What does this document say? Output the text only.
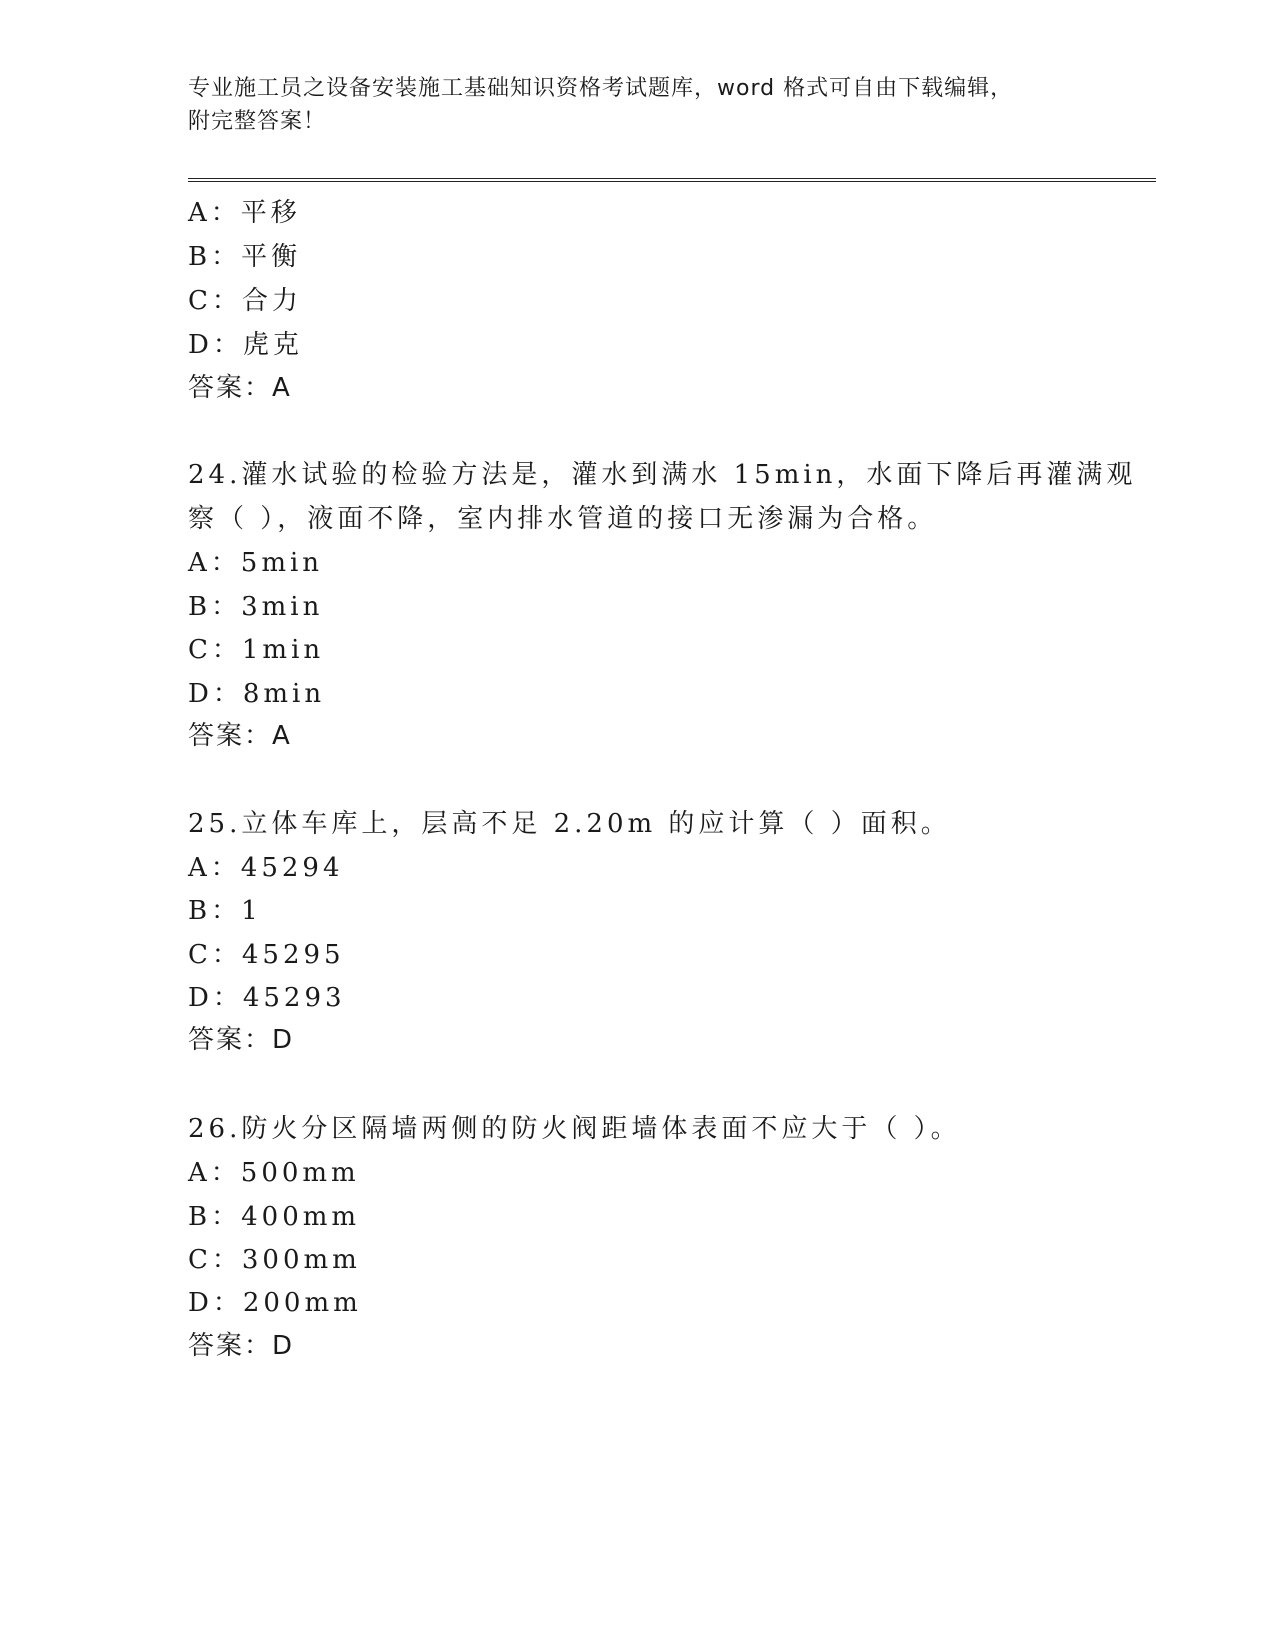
专业施工员之设备安装施工基础知识资格考试题库，word 格式可自由下载编辑，
附完整答案！
A：平移
B：平衡
C：合力
D：虎克
答案：A
24.灌水试验的检验方法是，灌水到满水 15min，水面下降后再灌满观
察（ ），液面不降，室内排水管道的接口无渗漏为合格。
A：5min
B：3min
C：1min
D：8min
答案：A
25.立体车库上，层高不足 2.20m 的应计算（ ）面积。
A：45294
B：1
C：45295
D：45293
答案：D
26.防火分区隔墙两侧的防火阀距墙体表面不应大于（ ）。
A：500mm
B：400mm
C：300mm
D：200mm
答案：D
